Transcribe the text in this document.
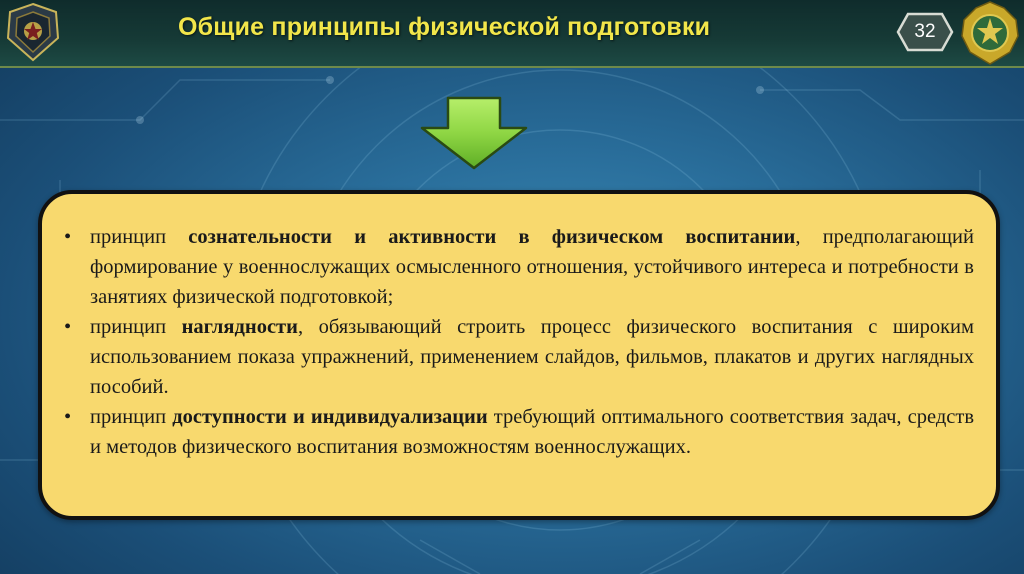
Общие принципы физической подготовки	32
• принцип сознательности и активности в физическом воспитании, предполагающий формирование у военнослужащих осмысленного отношения, устойчивого интереса и потребности в занятиях физической подготовкой;
• принцип наглядности, обязывающий строить процесс физического воспитания с широким использованием показа упражнений, применением слайдов, фильмов, плакатов и других наглядных пособий.
• принцип доступности и индивидуализации требующий оптимального соответствия задач, средств и методов физического воспитания возможностям военнослужащих.
